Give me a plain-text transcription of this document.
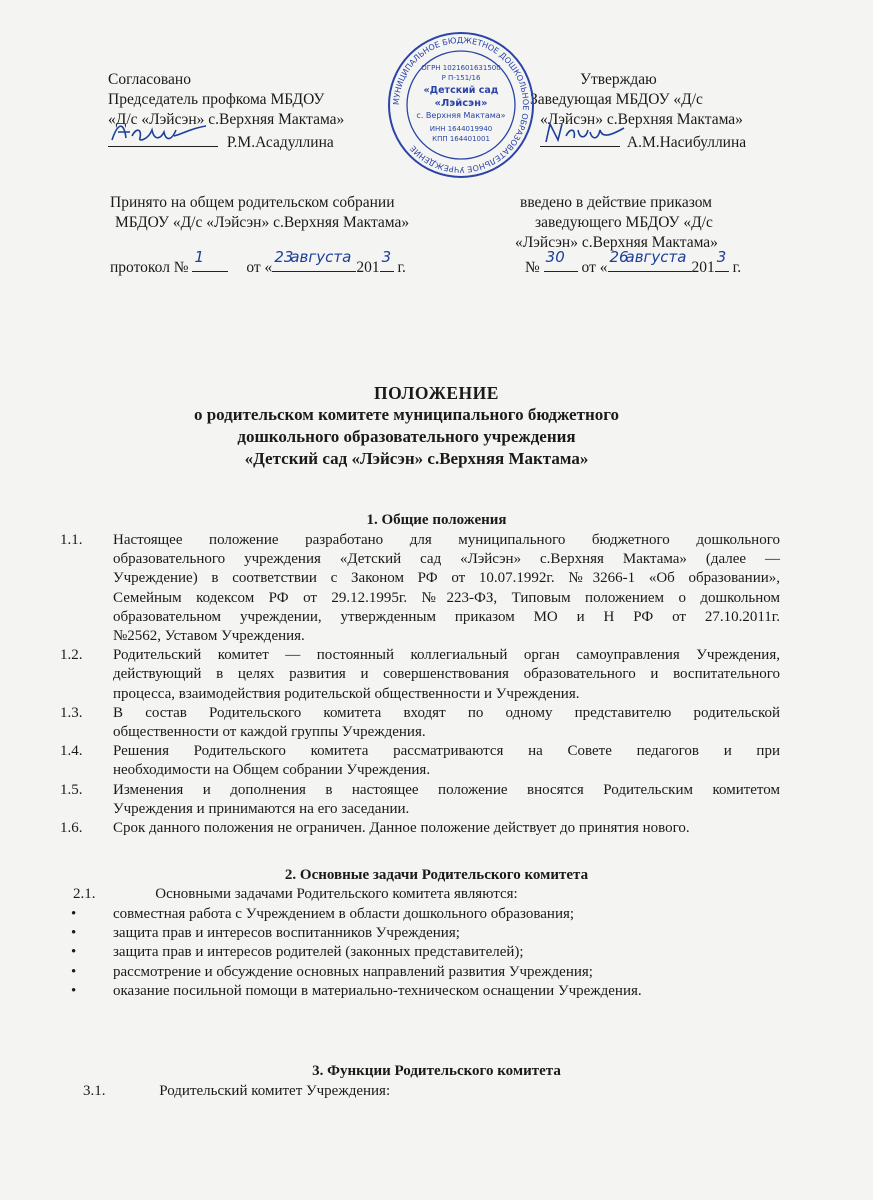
Согласовано
Председатель профкома МБДОУ
«Д/с «Лэйсэн» с.Верхняя Мактама»
Р.М.Асадуллина
Утверждаю
Заведующая МБДОУ «Д/с
«Лэйсэн» с.Верхняя Мактама»
А.М.Насибуллина
МУНИЦИПАЛЬНОЕ БЮДЖЕТНОЕ ДОШКОЛЬНОЕ ОБРАЗОВАТЕЛЬНОЕ УЧРЕЖДЕНИЕ
ОГРН 1021601631500
Р П-151/16
«Детский сад
«Лэйсэн»
с. Верхняя Мактама»
ИНН 1644019940
КПП 164401001
Принято на общем родительском собрании
МБДОУ «Д/с «Лэйсэн» с.Верхняя Мактама»
протокол №
1
от «
23
августа
201
3
г.
введено в действие приказом
заведующего МБДОУ «Д/с
«Лэйсэн» с.Верхняя Мактама»
№
30
от «
26
августа
201
3
г.
ПОЛОЖЕНИЕ
о родительском комитете муниципального бюджетного
дошкольного образовательного учреждения
«Детский сад «Лэйсэн» с.Верхняя Мактама»
1. Общие положения
1.1.	Настоящее положение разработано для муниципального бюджетного дошкольного
образовательного учреждения «Детский сад «Лэйсэн» с.Верхняя Мактама» (далее —
Учреждение) в соответствии с Законом РФ от 10.07.1992г. №3266-1 «Об образовании»,
Семейным кодексом РФ от 29.12.1995г. №223-ФЗ, Типовым положением о дошкольном
образовательном учреждении, утвержденным приказом МО и Н РФ от 27.10.2011г.
№2562, Уставом Учреждения.
1.2.	Родительский комитет — постоянный коллегиальный орган самоуправления Учреждения,
действующий в целях развития и совершенствования образовательного и воспитательного
процесса, взаимодействия родительской общественности и Учреждения.
1.3.	В состав Родительского комитета входят по одному представителю родительской
общественности от каждой группы Учреждения.
1.4.	Решения Родительского комитета рассматриваются на Совете педагогов и при
необходимости на Общем собрании Учреждения.
1.5.	Изменения и дополнения в настоящее положение вносятся Родительским комитетом
Учреждения и принимаются на его заседании.
1.6.	Срок данного положения не ограничен. Данное положение действует до принятия нового.
2. Основные задачи Родительского комитета
2.1.	Основными задачами Родительского комитета являются:
•	совместная работа с Учреждением в области дошкольного образования;
•	защита прав и интересов воспитанников Учреждения;
•	защита прав и интересов родителей (законных представителей);
•	рассмотрение и обсуждение основных направлений развития Учреждения;
•	оказание посильной помощи в материально-техническом оснащении Учреждения.
3. Функции Родительского комитета
3.1.	Родительский комитет Учреждения:
